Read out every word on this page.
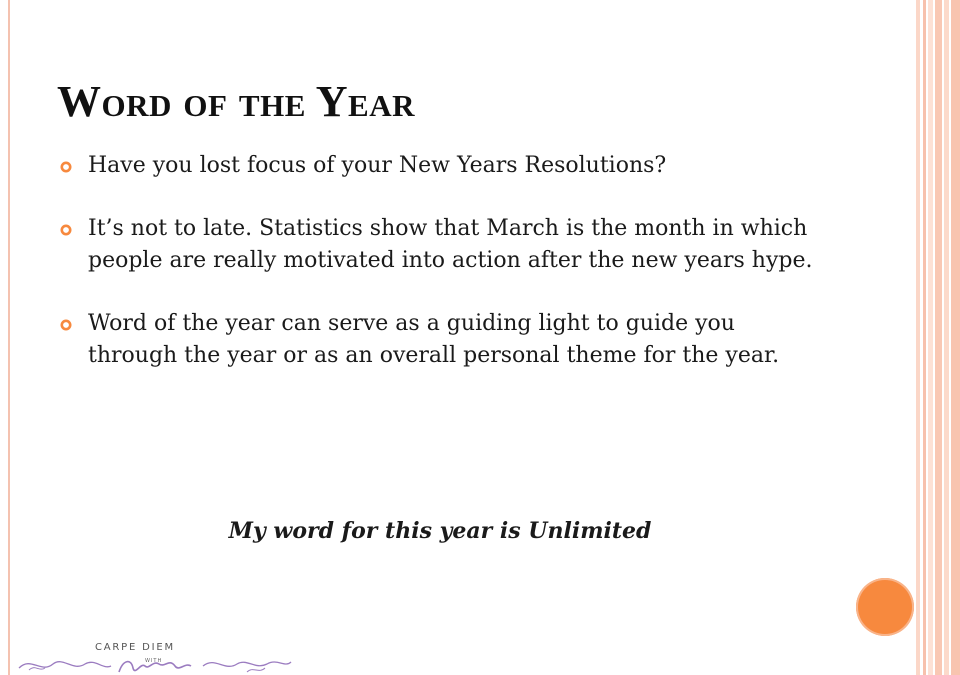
Word of the Year
Have you lost focus of your New Years Resolutions?
It’s not to late. Statistics show that March is the month in which people are really motivated into action after the new years hype.
Word of the year can serve as a guiding light to guide you through the year or as an overall personal theme for the year.

My word for this year is Unlimited

CARPE DIEM
WITH
